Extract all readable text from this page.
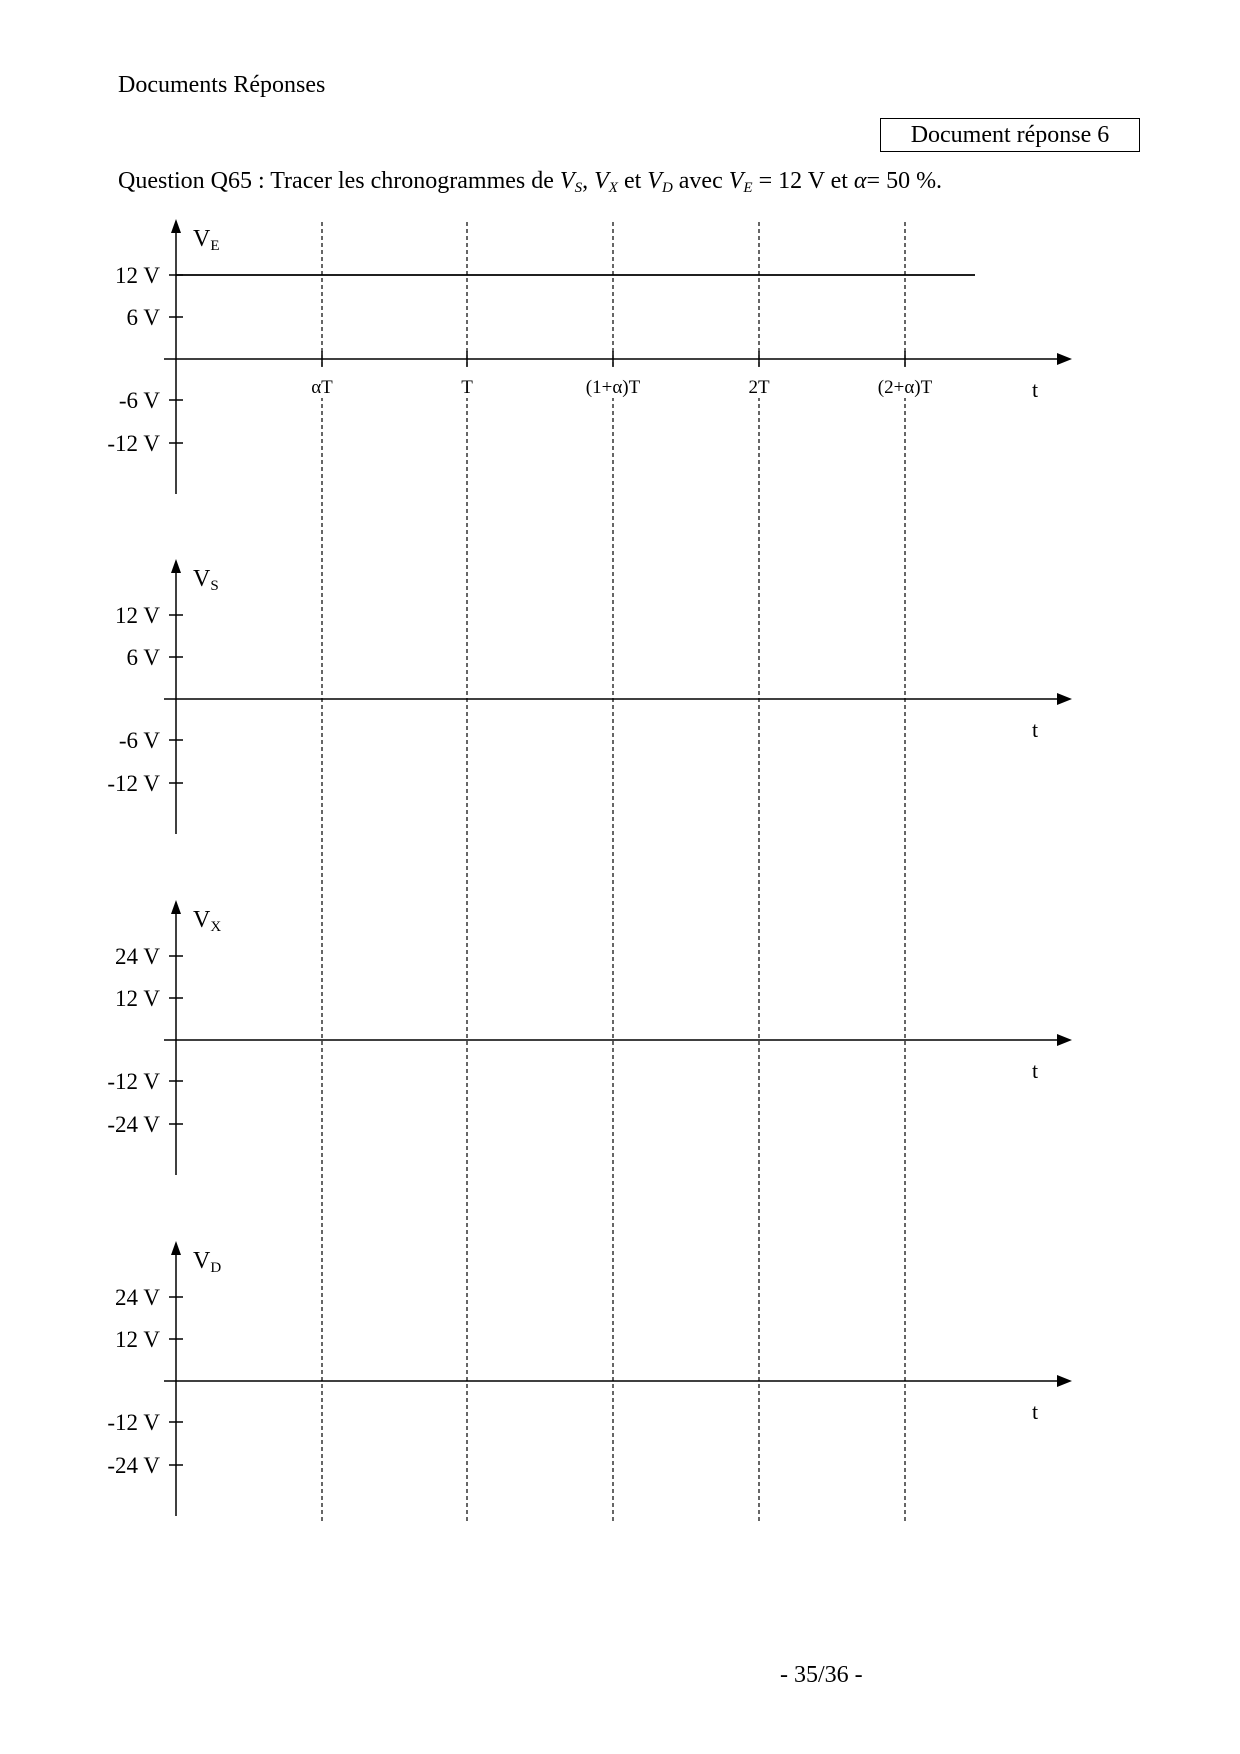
Documents Réponses
Document réponse 6
Question Q65 : Tracer les chronogrammes de $V_S$, $V_X$ et $V_D$ avec $V_E = 12$ V et α= 50 %.
VE
t
12 V
6 V
-6 V
-12 V
αT	T	(1+α)T	2T	(2+α)T
VS
t
12 V
6 V
-6 V
-12 V
VX
t
24 V
12 V
-12 V
-24 V
VD
t
24 V
12 V
-12 V
-24 V
- 35/36 -
